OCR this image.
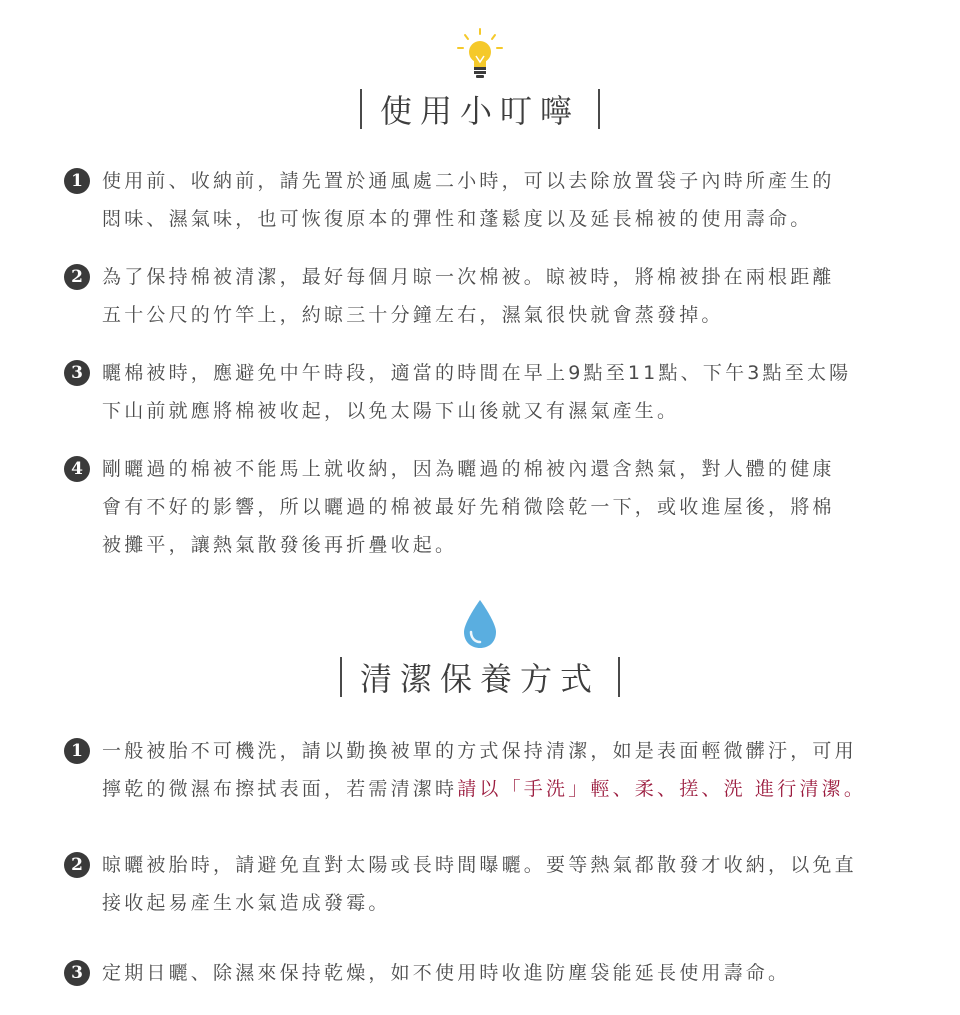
使用小叮嚀
1	使用前、收納前，請先置於通風處二小時，可以去除放置袋子內時所產生的
悶味、濕氣味，也可恢復原本的彈性和蓬鬆度以及延長棉被的使用壽命。
2	為了保持棉被清潔，最好每個月晾一次棉被。晾被時，將棉被掛在兩根距離
五十公尺的竹竿上，約晾三十分鐘左右，濕氣很快就會蒸發掉。
3	曬棉被時，應避免中午時段，適當的時間在早上9點至11點、下午3點至太陽
下山前就應將棉被收起，以免太陽下山後就又有濕氣產生。
4	剛曬過的棉被不能馬上就收納，因為曬過的棉被內還含熱氣，對人體的健康
會有不好的影響，所以曬過的棉被最好先稍微陰乾一下，或收進屋後，將棉
被攤平，讓熱氣散發後再折疊收起。
清潔保養方式
1	一般被胎不可機洗，請以勤換被單的方式保持清潔，如是表面輕微髒汙，可用
擰乾的微濕布擦拭表面，若需清潔時請以「手洗」輕、柔、搓、洗 進行清潔。
2	晾曬被胎時，請避免直對太陽或長時間曝曬。要等熱氣都散發才收納，以免直
接收起易產生水氣造成發霉。
3	定期日曬、除濕來保持乾燥，如不使用時收進防塵袋能延長使用壽命。
